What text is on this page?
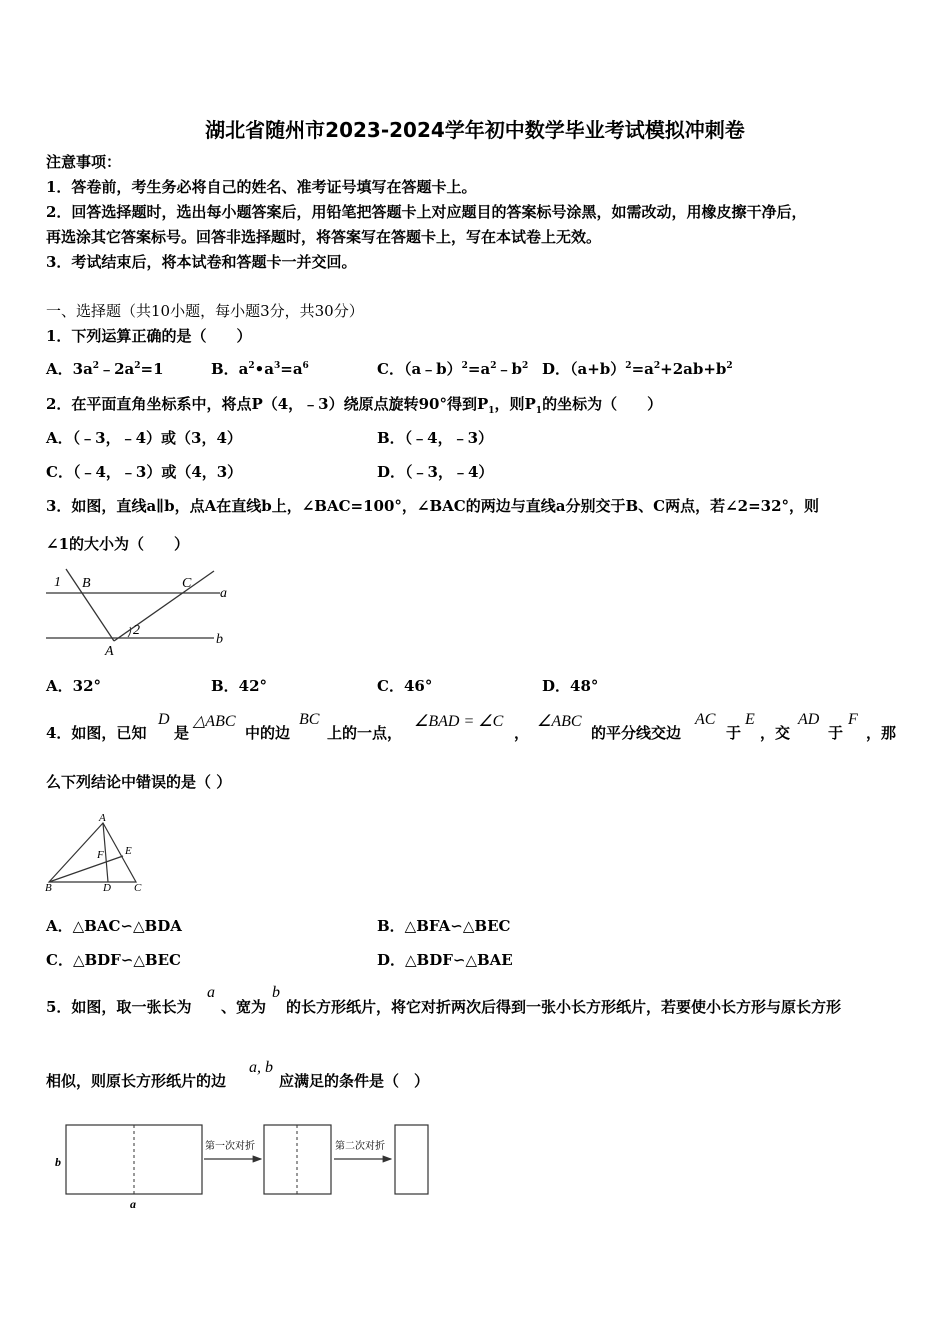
湖北省随州市2023-2024学年初中数学毕业考试模拟冲刺卷
注意事项：
1．答卷前，考生务必将自己的姓名、准考证号填写在答题卡上。
2．回答选择题时，选出每小题答案后，用铅笔把答题卡上对应题目的答案标号涂黑，如需改动，用橡皮擦干净后，
再选涂其它答案标号。回答非选择题时，将答案写在答题卡上，写在本试卷上无效。
3．考试结束后，将本试卷和答题卡一并交回。
一、选择题（共10小题，每小题3分，共30分）
1．下列运算正确的是（　　）
A．$3a^2﹣2a^2=1$	B．$a^2•a^3=a^6$	C．$(a﹣b)^2=a^2﹣b^2$ D．$(a+b)^2=a^2+2ab+b^2$
2．在平面直角坐标系中，将点P（4，﹣3）绕原点旋转90°得到$P_1$，则$P_1$的坐标为（　　）
A．（﹣3，﹣4）或（3，4）	B．（﹣4，﹣3）
C．（﹣4，﹣3）或（4，3）	D．（﹣3，﹣4）
3．如图，直线a∥b，点A在直线b上，∠BAC=100°，∠BAC的两边与直线a分别交于B、C两点，若∠2=32°，则
∠1的大小为（　　）
1 B	C
a
2
A
b
A．32°	B．42°	C．46°	D．48°
4．如图，已知
D
是
△ABC
中的边
BC
上的一点，
∠BAD = ∠C
，
∠ABC
的平分线交边
AC
于
E
，交
AD
于
F
，那
么下列结论中错误的是（ ）
A
F E
B	D C
A．△BAC∽△BDA	B．△BFA∽△BEC
C．△BDF∽△BEC	D．△BDF∽△BAE
5．如图，取一张长为
a
、宽为
b
的长方形纸片，将它对折两次后得到一张小长方形纸片，若要使小长方形与原长方形
相似，则原长方形纸片的边
a, b
应满足的条件是（　）
b
a
第一次对折	第二次对折
